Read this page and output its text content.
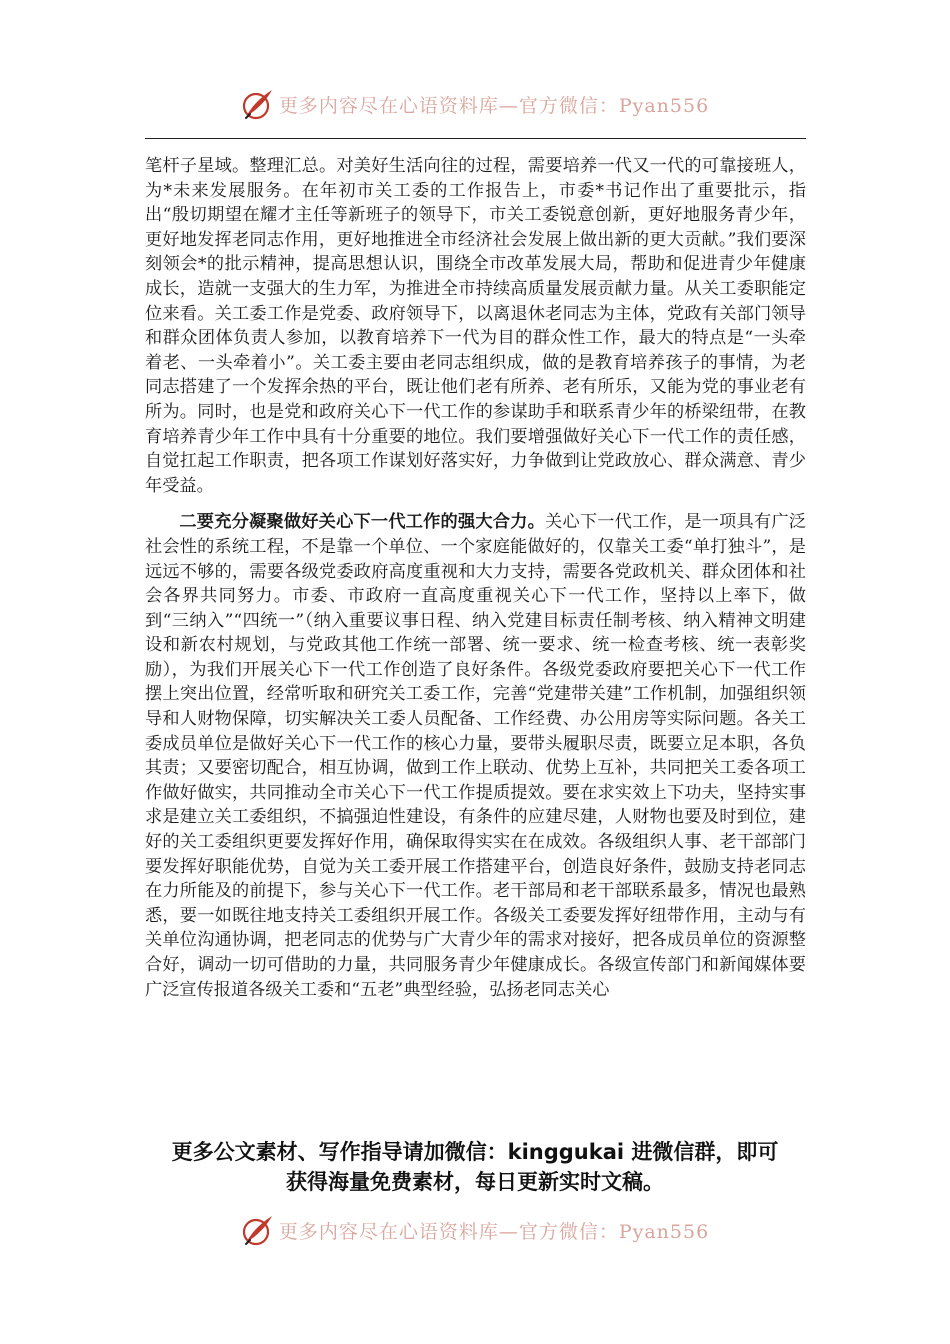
更多内容尽在心语资料库—官方微信：Pyan556

笔杆子星域。整理汇总。对美好生活向往的过程，需要培养一代又一代的可靠接班人，为*未来发展服务。在年初市关工委的工作报告上，市委*书记作出了重要批示，指出“殷切期望在耀才主任等新班子的领导下，市关工委锐意创新，更好地服务青少年，更好地发挥老同志作用，更好地推进全市经济社会发展上做出新的更大贡献。”我们要深刻领会*的批示精神，提高思想认识，围绕全市改革发展大局，帮助和促进青少年健康成长，造就一支强大的生力军，为推进全市持续高质量发展贡献力量。从关工委职能定位来看。关工委工作是党委、政府领导下，以离退休老同志为主体，党政有关部门领导和群众团体负责人参加，以教育培养下一代为目的群众性工作，最大的特点是“一头牵着老、一头牵着小”。关工委主要由老同志组织成，做的是教育培养孩子的事情，为老同志搭建了一个发挥余热的平台，既让他们老有所养、老有所乐，又能为党的事业老有所为。同时，也是党和政府关心下一代工作的参谋助手和联系青少年的桥梁纽带，在教育培养青少年工作中具有十分重要的地位。我们要增强做好关心下一代工作的责任感，自觉扛起工作职责，把各项工作谋划好落实好，力争做到让党政放心、群众满意、青少年受益。

二要充分凝聚做好关心下一代工作的强大合力。关心下一代工作，是一项具有广泛社会性的系统工程，不是靠一个单位、一个家庭能做好的，仅靠关工委“单打独斗”，是远远不够的，需要各级党委政府高度重视和大力支持，需要各党政机关、群众团体和社会各界共同努力。市委、市政府一直高度重视关心下一代工作，坚持以上率下，做到“三纳入”“四统一”（纳入重要议事日程、纳入党建目标责任制考核、纳入精神文明建设和新农村规划，与党政其他工作统一部署、统一要求、统一检查考核、统一表彰奖励），为我们开展关心下一代工作创造了良好条件。各级党委政府要把关心下一代工作摆上突出位置，经常听取和研究关工委工作，完善“党建带关建”工作机制，加强组织领导和人财物保障，切实解决关工委人员配备、工作经费、办公用房等实际问题。各关工委成员单位是做好关心下一代工作的核心力量，要带头履职尽责，既要立足本职，各负其责；又要密切配合，相互协调，做到工作上联动、优势上互补，共同把关工委各项工作做好做实，共同推动全市关心下一代工作提质提效。要在求实效上下功夫，坚持实事求是建立关工委组织，不搞强迫性建设，有条件的应建尽建，人财物也要及时到位，建好的关工委组织更要发挥好作用，确保取得实实在在成效。各级组织人事、老干部部门要发挥好职能优势，自觉为关工委开展工作搭建平台，创造良好条件，鼓励支持老同志在力所能及的前提下，参与关心下一代工作。老干部局和老干部联系最多，情况也最熟悉，要一如既往地支持关工委组织开展工作。各级关工委要发挥好纽带作用，主动与有关单位沟通协调，把老同志的优势与广大青少年的需求对接好，把各成员单位的资源整合好，调动一切可借助的力量，共同服务青少年健康成长。各级宣传部门和新闻媒体要广泛宣传报道各级关工委和“五老”典型经验，弘扬老同志关心

更多公文素材、写作指导请加微信：kinggukai 进微信群，即可
获得海量免费素材，每日更新实时文稿。
更多内容尽在心语资料库—官方微信：Pyan556
